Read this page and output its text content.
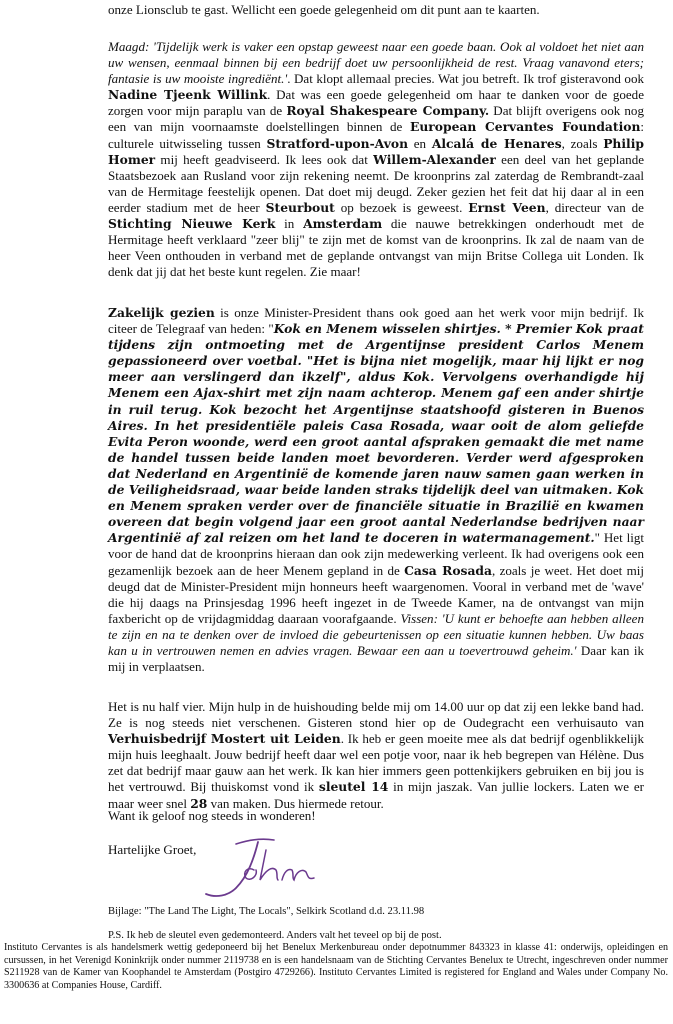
onze Lionsclub te gast. Wellicht een goede gelegenheid om dit punt aan te kaarten.

Maagd: 'Tijdelijk werk is vaker een opstap geweest naar een goede baan. Ook al voldoet het niet aan uw wensen, eenmaal binnen bij een bedrijf doet uw persoonlijkheid de rest. Vraag vanavond eters; fantasie is uw mooiste ingrediënt.'. Dat klopt allemaal precies. Wat jou betreft. Ik trof gisteravond ook Nadine Tjeenk Willink. Dat was een goede gelegenheid om haar te danken voor de goede zorgen voor mijn paraplu van de Royal Shakespeare Company. Dat blijft overigens ook nog een van mijn voornaamste doelstellingen binnen de European Cervantes Foundation: culturele uitwisseling tussen Stratford-upon-Avon en Alcalá de Henares, zoals Philip Homer mij heeft geadviseerd. Ik lees ook dat Willem-Alexander een deel van het geplande Staatsbezoek aan Rusland voor zijn rekening neemt. De kroonprins zal zaterdag de Rembrandt-zaal van de Hermitage feestelijk openen. Dat doet mij deugd. Zeker gezien het feit dat hij daar al in een eerder stadium met de heer Steurbout op bezoek is geweest. Ernst Veen, directeur van de Stichting Nieuwe Kerk in Amsterdam die nauwe betrekkingen onderhoudt met de Hermitage heeft verklaard "zeer blij" te zijn met de komst van de kroonprins. Ik zal de naam van de heer Veen onthouden in verband met de geplande ontvangst van mijn Britse Collega uit Londen. Ik denk dat jij dat het beste kunt regelen. Zie maar!

Zakelijk gezien is onze Minister-President thans ook goed aan het werk voor mijn bedrijf. Ik citeer de Telegraaf van heden: "Kok en Menem wisselen shirtjes. * Premier Kok praat tijdens zijn ontmoeting met de Argentijnse president Carlos Menem gepassioneerd over voetbal. "Het is bijna niet mogelijk, maar hij lijkt er nog meer aan verslingerd dan ikzelf", aldus Kok. Vervolgens overhandigde hij Menem een Ajax-shirt met zijn naam achterop. Menem gaf een ander shirtje in ruil terug. Kok bezocht het Argentijnse staatshoofd gisteren in Buenos Aires. In het presidentiële paleis Casa Rosada, waar ooit de alom geliefde Evita Peron woonde, werd een groot aantal afspraken gemaakt die met name de handel tussen beide landen moet bevorderen. Verder werd afgesproken dat Nederland en Argentinië de komende jaren nauw samen gaan werken in de Veiligheidsraad, waar beide landen straks tijdelijk deel van uitmaken. Kok en Menem spraken verder over de financiële situatie in Brazilië en kwamen overeen dat begin volgend jaar een groot aantal Nederlandse bedrijven naar Argentinië af zal reizen om het land te doceren in watermanagement." Het ligt voor de hand dat de kroonprins hieraan dan ook zijn medewerking verleent. Ik had overigens ook een gezamenlijk bezoek aan de heer Menem gepland in de Casa Rosada, zoals je weet. Het doet mij deugd dat de Minister-President mijn honneurs heeft waargenomen. Vooral in verband met de 'wave' die hij daags na Prinsjesdag 1996 heeft ingezet in de Tweede Kamer, na de ontvangst van mijn faxbericht op de vrijdagmiddag daaraan voorafgaande. Vissen: 'U kunt er behoefte aan hebben alleen te zijn en na te denken over de invloed die gebeurtenissen op een situatie kunnen hebben. Uw baas kan u in vertrouwen nemen en advies vragen. Bewaar een aan u toevertrouwd geheim.' Daar kan ik mij in verplaatsen.

Het is nu half vier. Mijn hulp in de huishouding belde mij om 14.00 uur op dat zij een lekke band had. Ze is nog steeds niet verschenen. Gisteren stond hier op de Oudegracht een verhuisauto van Verhuisbedrijf Mostert uit Leiden. Ik heb er geen moeite mee als dat bedrijf ogenblikkelijk mijn huis leeghaalt. Jouw bedrijf heeft daar wel een potje voor, naar ik heb begrepen van Hélène. Dus zet dat bedrijf maar gauw aan het werk. Ik kan hier immers geen pottenkijkers gebruiken en bij jou is het vertrouwd. Bij thuiskomst vond ik sleutel 14 in mijn jaszak. Van jullie lockers. Laten we er maar weer snel 28 van maken. Dus hiermede retour.

Want ik geloof nog steeds in wonderen!

Hartelijke Groet,

Bijlage: "The Land The Light, The Locals", Selkirk Scotland d.d. 23.11.98

P.S. Ik heb de sleutel even gedemonteerd. Anders valt het teveel op bij de post.

Instituto Cervantes is als handelsmerk wettig gedeponeerd bij het Benelux Merkenbureau onder depotnummer 843323 in klasse 41: onderwijs, opleidingen en cursussen, in het Verenigd Koninkrijk onder nummer 2119738 en is een handelsnaam van de Stichting Cervantes Benelux te Utrecht, ingeschreven onder nummer S211928 van de Kamer van Koophandel te Amsterdam (Postgiro 4729266). Instituto Cervantes Limited is registered for England and Wales under Company No. 3300636 at Companies House, Cardiff.
